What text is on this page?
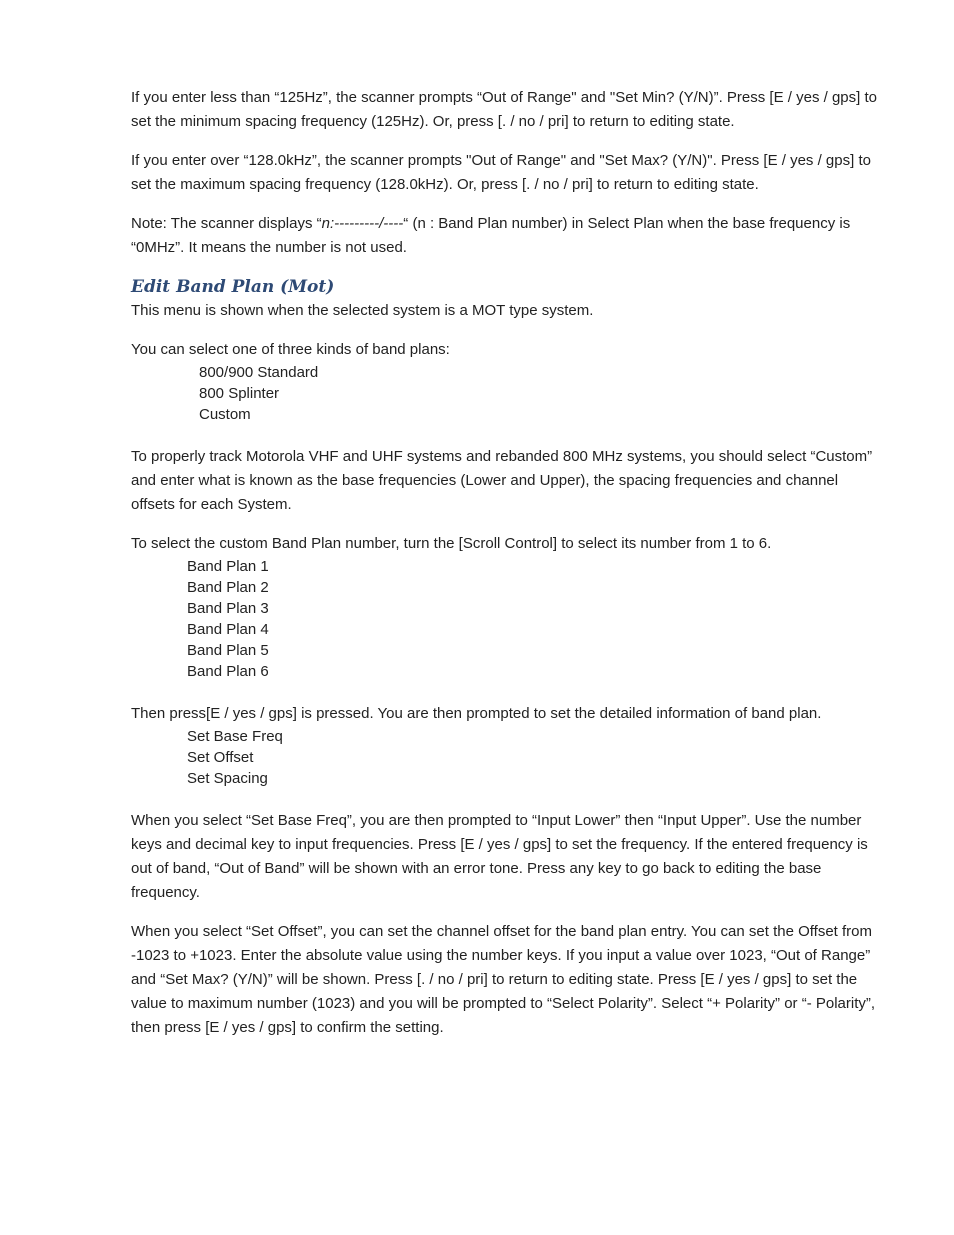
If you enter less than “125Hz”, the scanner prompts “Out of Range" and "Set Min? (Y/N)”. Press [E / yes / gps] to set the minimum spacing frequency (125Hz). Or, press [. / no / pri] to return to editing state.

If you enter over “128.0kHz”, the scanner prompts "Out of Range" and "Set Max? (Y/N)". Press [E / yes / gps] to set the maximum spacing frequency (128.0kHz). Or, press [. / no / pri] to return to editing state.

Note: The scanner displays “n:---------/----“ (n : Band Plan number) in Select Plan when the base frequency is “0MHz”. It means the number is not used.

Edit Band Plan (Mot)

This menu is shown when the selected system is a MOT type system.

You can select one of three kinds of band plans:

800/900 Standard
800 Splinter
Custom

To properly track Motorola VHF and UHF systems and rebanded 800 MHz systems, you should select “Custom” and enter what is known as the base frequencies (Lower and Upper), the spacing frequencies and channel offsets for each System.

To select the custom Band Plan number, turn the [Scroll Control] to select its number from 1 to 6.

Band Plan 1
Band Plan 2
Band Plan 3
Band Plan 4
Band Plan 5
Band Plan 6

Then press[E / yes / gps] is pressed. You are then prompted to set the detailed information of band plan.

Set Base Freq
Set Offset
Set Spacing

When you select “Set Base Freq”, you are then prompted to “Input Lower” then “Input Upper”. Use the number keys and decimal key to input frequencies. Press [E / yes / gps] to set the frequency. If the entered frequency is out of band, “Out of Band” will be shown with an error tone. Press any key to go back to editing the base frequency.

When you select “Set Offset”, you can set the channel offset for the band plan entry. You can set the Offset from -1023 to +1023. Enter the absolute value using the number keys. If you input a value over 1023, “Out of Range” and “Set Max? (Y/N)” will be shown. Press [. / no / pri] to return to editing state. Press [E / yes / gps] to set the value to maximum number (1023) and you will be prompted to “Select Polarity”. Select “+ Polarity” or “- Polarity”, then press [E / yes / gps] to confirm the setting.
